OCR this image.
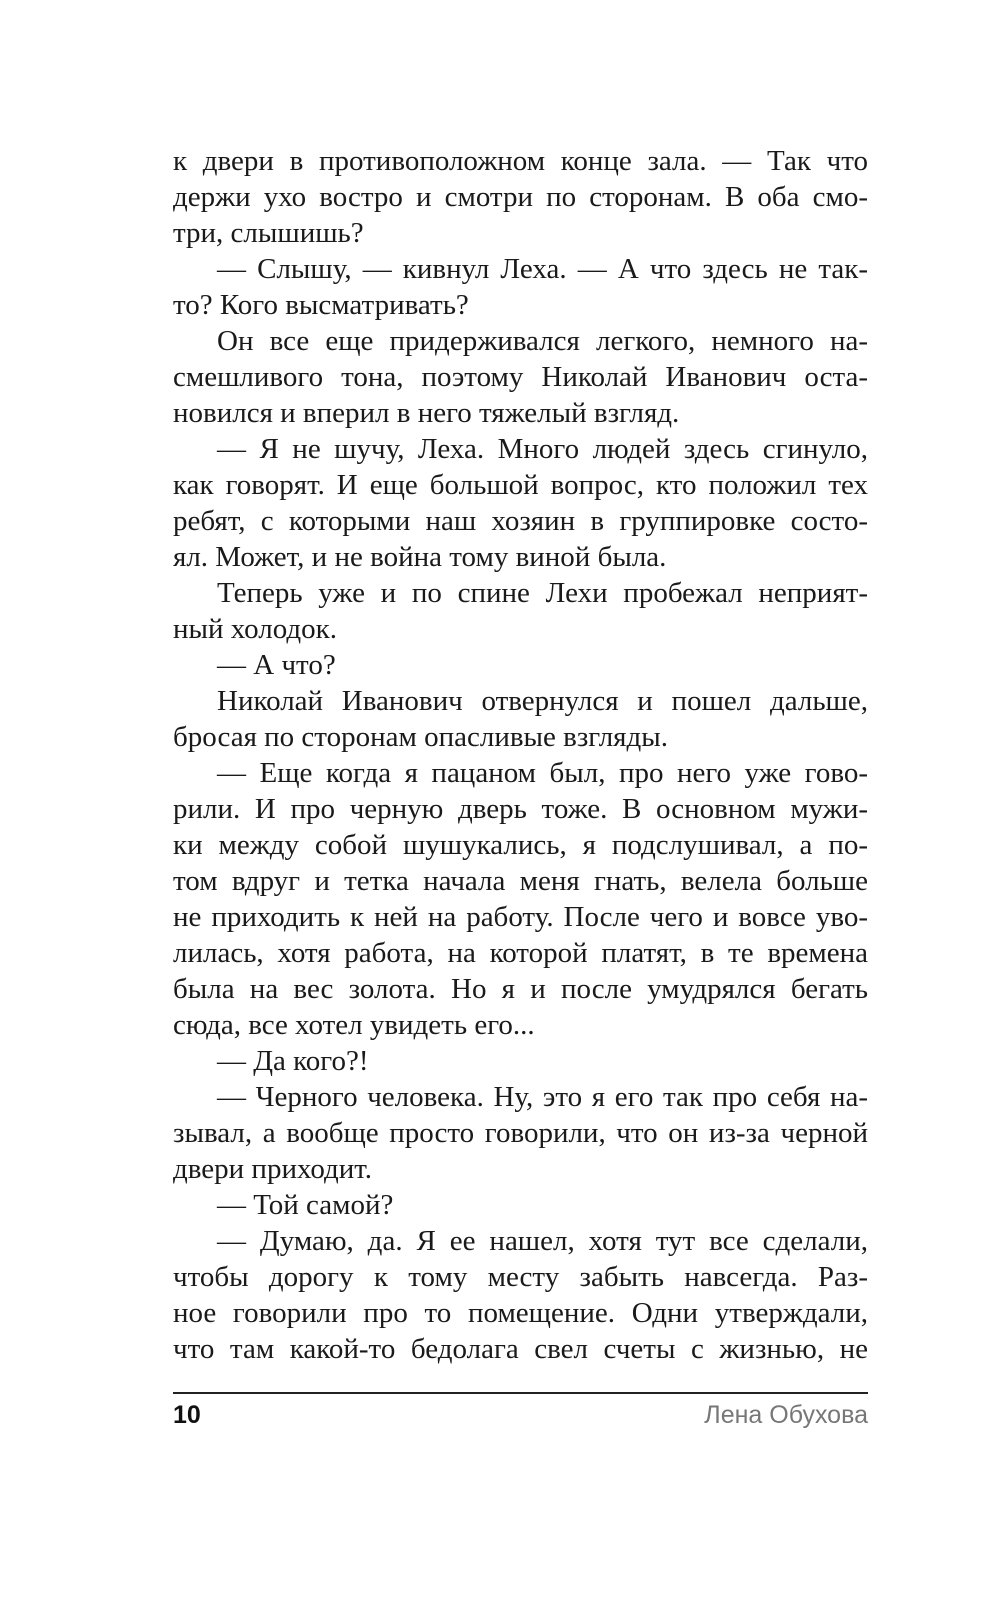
к двери в противоположном конце зала. — Так что
держи ухо востро и смотри по сторонам. В оба смо-
три, слышишь?
— Слышу, — кивнул Леха. — А что здесь не так-
то? Кого высматривать?
Он все еще придерживался легкого, немного на-
смешливого тона, поэтому Николай Иванович оста-
новился и вперил в него тяжелый взгляд.
— Я не шучу, Леха. Много людей здесь сгинуло,
как говорят. И еще большой вопрос, кто положил тех
ребят, с которыми наш хозяин в группировке состо-
ял. Может, и не война тому виной была.
Теперь уже и по спине Лехи пробежал неприят-
ный холодок.
— А что?
Николай Иванович отвернулся и пошел дальше,
бросая по сторонам опасливые взгляды.
— Еще когда я пацаном был, про него уже гово-
рили. И про черную дверь тоже. В основном мужи-
ки между собой шушукались, я подслушивал, а по-
том вдруг и тетка начала меня гнать, велела больше
не приходить к ней на работу. После чего и вовсе уво-
лилась, хотя работа, на которой платят, в те времена
была на вес золота. Но я и после умудрялся бегать
сюда, все хотел увидеть его...
— Да кого?!
— Черного человека. Ну, это я его так про себя на-
зывал, а вообще просто говорили, что он из-за черной
двери приходит.
— Той самой?
— Думаю, да. Я ее нашел, хотя тут все сделали,
чтобы дорогу к тому месту забыть навсегда. Раз-
ное говорили про то помещение. Одни утверждали,
что там какой-то бедолага свел счеты с жизнью, не
10	Лена Обухова
